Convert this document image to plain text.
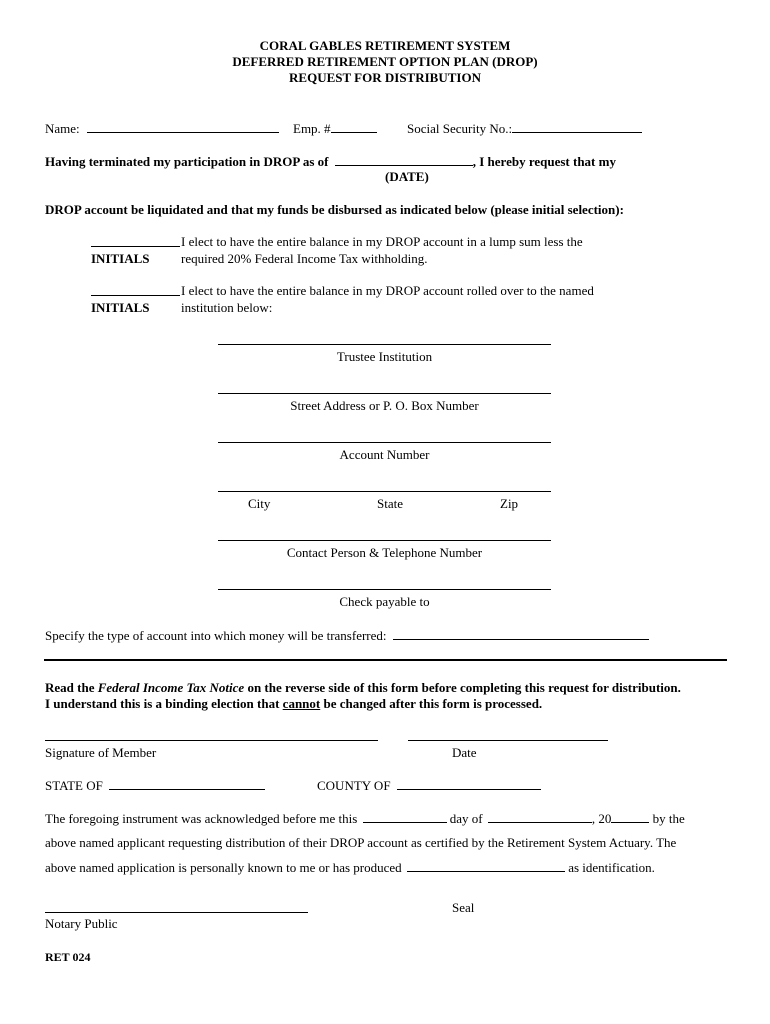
CORAL GABLES RETIREMENT SYSTEM
DEFERRED RETIREMENT OPTION PLAN (DROP)
REQUEST FOR DISTRIBUTION
Name:	Emp. #	Social Security No.:
Having terminated my participation in DROP as of	, I hereby request that my
(DATE)
DROP account be liquidated and that my funds be disbursed as indicated below (please initial selection):
I elect to have the entire balance in my DROP account in a lump sum less the
INITIALS required 20% Federal Income Tax withholding.
I elect to have the entire balance in my DROP account rolled over to the named
INITIALS institution below:
Trustee Institution
Street Address or P. O. Box Number
Account Number
City	State	Zip
Contact Person & Telephone Number
Check payable to
Specify the type of account into which money will be transferred:
Read the Federal Income Tax Notice on the reverse side of this form before completing this request for distribution.
I understand this is a binding election that cannot be changed after this form is processed.
Signature of Member	Date
STATE OF	COUNTY OF
The foregoing instrument was acknowledged before me this	day of	, 20	by the
above named applicant requesting distribution of their DROP account as certified by the Retirement System Actuary. The
above named application is personally known to me or has produced	as identification.
Seal
Notary Public
RET 024
